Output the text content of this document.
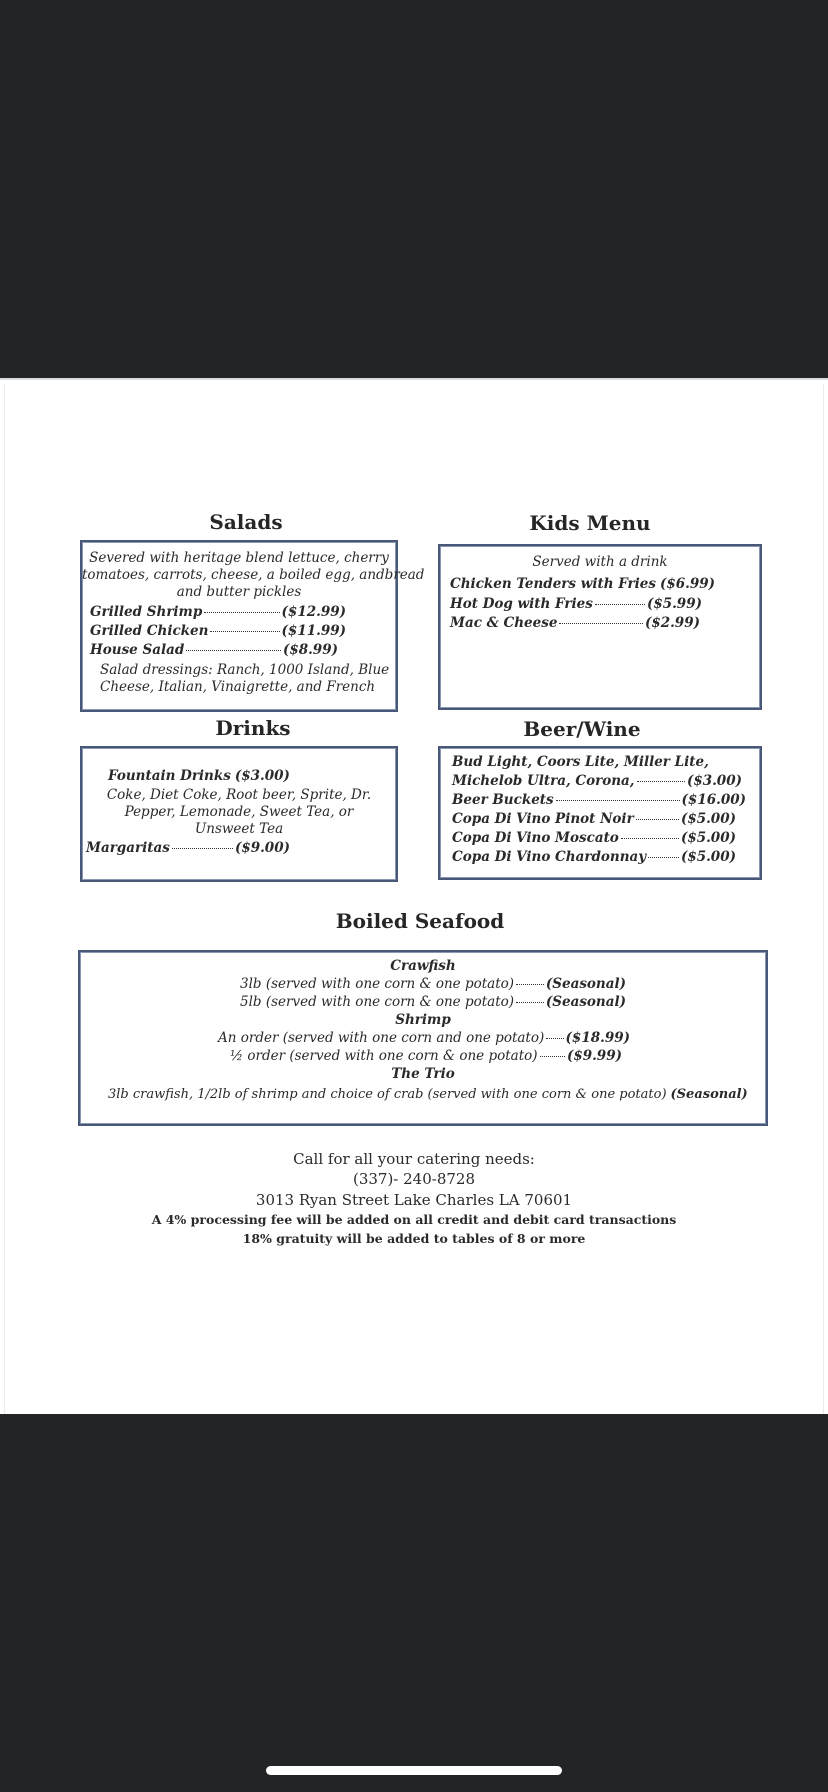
Salads
Severed with heritage blend lettuce, cherry
tomatoes, carrots, cheese, a boiled egg, andbread
and butter pickles
Grilled Shrimp	($12.99)
Grilled Chicken	($11.99)
House Salad	($8.99)
Salad dressings: Ranch, 1000 Island, Blue
Cheese, Italian, Vinaigrette, and French
Kids Menu
Served with a drink
Chicken Tenders with Fries ($6.99)
Hot Dog with Fries	($5.99)
Mac & Cheese	($2.99)
Drinks
Fountain Drinks ($3.00)
Coke, Diet Coke, Root beer, Sprite, Dr.
Pepper, Lemonade, Sweet Tea, or
Unsweet Tea
Margaritas	($9.00)
Beer/Wine
Bud Light, Coors Lite, Miller Lite,
Michelob Ultra, Corona,	($3.00)
Beer Buckets	($16.00)
Copa Di Vino Pinot Noir	($5.00)
Copa Di Vino Moscato	($5.00)
Copa Di Vino Chardonnay	($5.00)
Boiled Seafood
Crawfish
3lb (served with one corn & one potato) (Seasonal)
5lb (served with one corn & one potato) (Seasonal)
Shrimp
An order (served with one corn and one potato) ($18.99)
½ order (served with one corn & one potato) ($9.99)
The Trio
3lb crawfish, 1/2lb of shrimp and choice of crab (served with one corn & one potato) (Seasonal)
Call for all your catering needs:
(337)- 240-8728
3013 Ryan Street Lake Charles LA 70601
A 4% processing fee will be added on all credit and debit card transactions
18% gratuity will be added to tables of 8 or more
